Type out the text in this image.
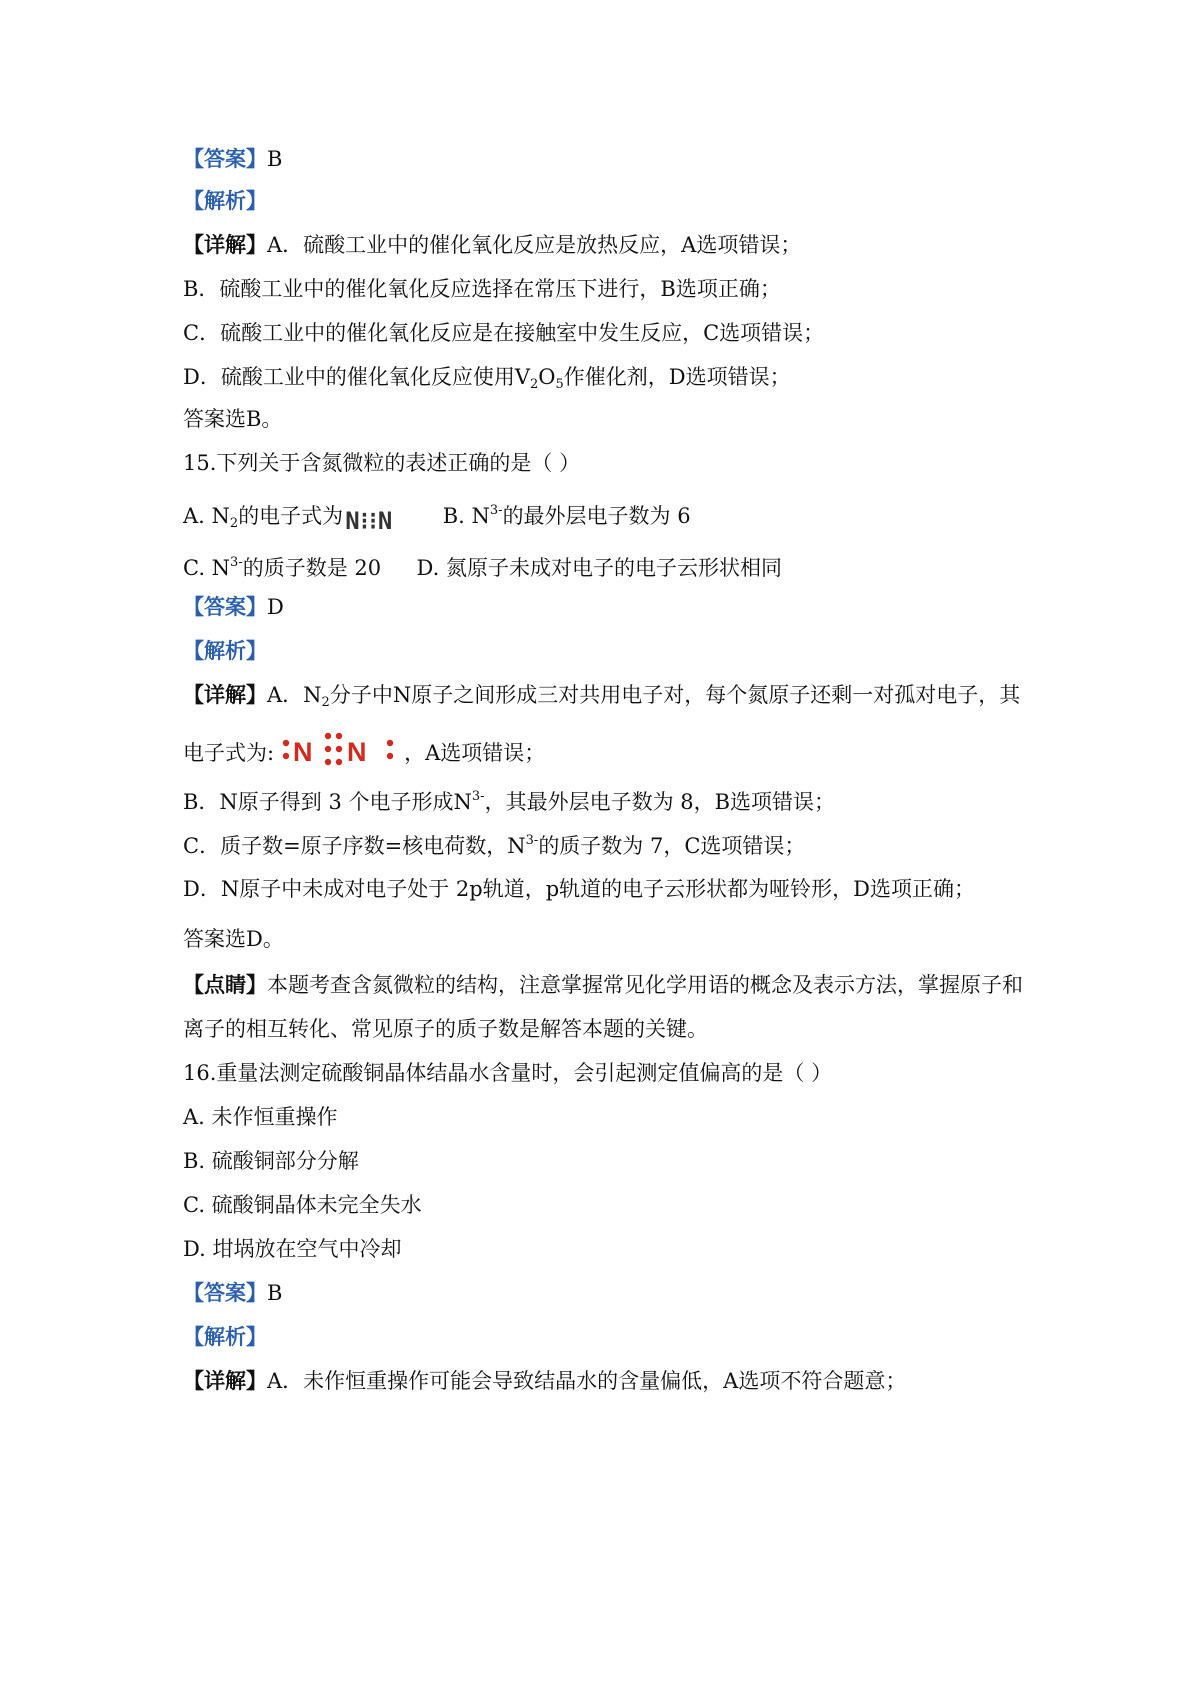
【答案】B
【解析】
【详解】A．硫酸工业中的催化氧化反应是放热反应，A选项错误；
B．硫酸工业中的催化氧化反应选择在常压下进行，B选项正确；
C．硫酸工业中的催化氧化反应是在接触室中发生反应，C选项错误；
D．硫酸工业中的催化氧化反应使用$V_2O_5$作催化剂，D选项错误；
答案选B。
15.下列关于含氮微粒的表述正确的是（ ）
A. $N_2$的电子式为N⁝⁝N B. $N^{3-}$的最外层电子数为 6
C. $N^{3-}$的质子数是 20 D. 氮原子未成对电子的电子云形状相同
【答案】D
【解析】
【详解】A．$N_2$分子中N原子之间形成三对共用电子对，每个氮原子还剩一对孤对电子，其
电子式为: N N ，A选项错误；
B．N原子得到 3 个电子形成$N^{3-}$，其最外层电子数为 8，B选项错误；
C．质子数=原子序数=核电荷数，$N^{3-}$的质子数为 7，C选项错误；
D．N原子中未成对电子处于 2p轨道，p轨道的电子云形状都为哑铃形，D选项正确；
答案选D。
【点睛】本题考查含氮微粒的结构，注意掌握常见化学用语的概念及表示方法，掌握原子和
离子的相互转化、常见原子的质子数是解答本题的关键。
16.重量法测定硫酸铜晶体结晶水含量时，会引起测定值偏高的是（ ）
A. 未作恒重操作
B. 硫酸铜部分分解
C. 硫酸铜晶体未完全失水
D. 坩埚放在空气中冷却
【答案】B
【解析】
【详解】A．未作恒重操作可能会导致结晶水的含量偏低，A选项不符合题意；
